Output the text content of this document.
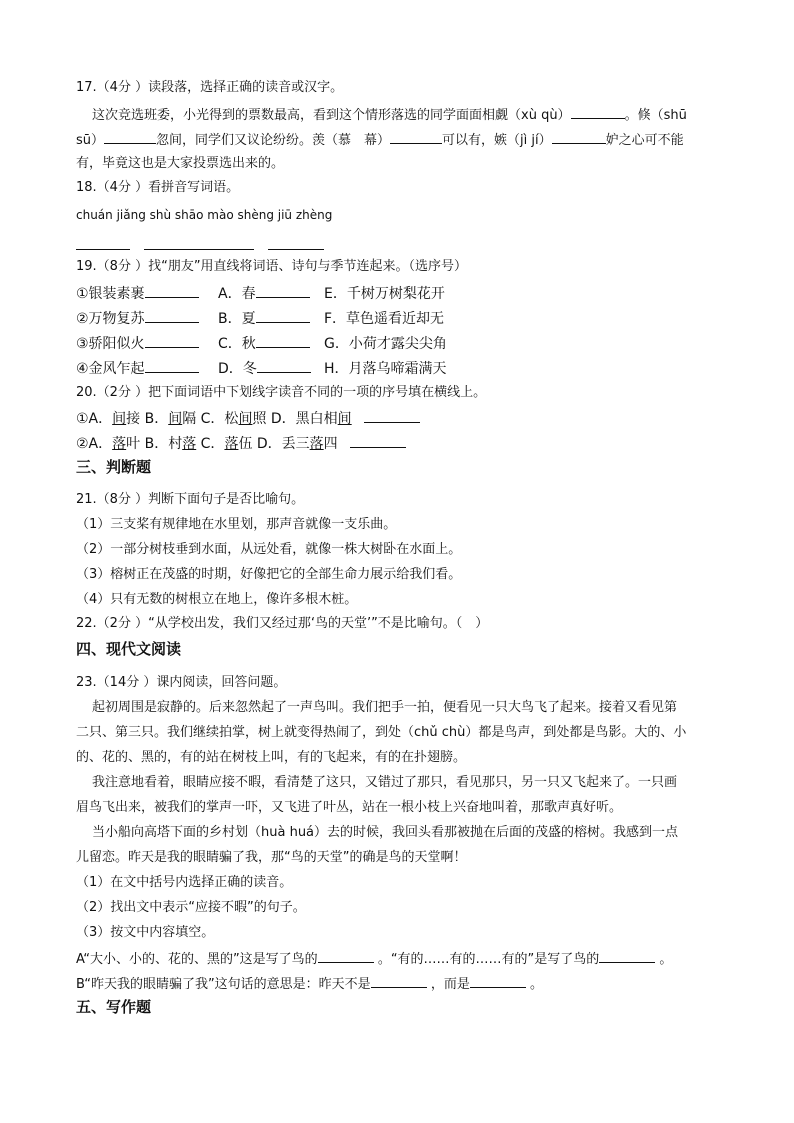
17.（4分 ）读段落，选择正确的读音或汉字。
这次竞选班委，小光得到的票数最高，看到这个情形落选的同学面面相觑（xù qù）	。倏（shū
sū）	忽间，同学们又议论纷纷。羡（慕　幕）	可以有，嫉（jì jí）	妒之心可不能
有，毕竟这也是大家投票选出来的。
18.（4分 ）看拼音写词语。
chuán jiǎng shù shāo mào shèng jiū zhèng
19.（8分 ）找“朋友”用直线将词语、诗句与季节连起来。（选序号）
①银装素裹	A．春	E．千树万树梨花开
②万物复苏	B．夏	F．草色遥看近却无
③骄阳似火	C．秋	G．小荷才露尖尖角
④金风乍起	D．冬	H．月落乌啼霜满天
20.（2分 ）把下面词语中下划线字读音不同的一项的序号填在横线上。
①A．间接 B．间隔 C．松间照 D．黑白相间
②A．落叶 B．村落 C．落伍 D．丢三落四
三、判断题
21.（8分 ）判断下面句子是否比喻句。
（1）三支桨有规律地在水里划，那声音就像一支乐曲。
（2）一部分树枝垂到水面，从远处看，就像一株大树卧在水面上。
（3）榕树正在茂盛的时期，好像把它的全部生命力展示给我们看。
（4）只有无数的树根立在地上，像许多根木桩。
22.（2分 ）“从学校出发，我们又经过那‘鸟的天堂’”不是比喻句。（　）
四、现代文阅读
23.（14分 ）课内阅读，回答问题。
起初周围是寂静的。后来忽然起了一声鸟叫。我们把手一拍，便看见一只大鸟飞了起来。接着又看见第
二只、第三只。我们继续拍掌，树上就变得热闹了，到处（chǔ chù）都是鸟声，到处都是鸟影。大的、小
的、花的、黑的，有的站在树枝上叫，有的飞起来，有的在扑翅膀。
我注意地看着，眼睛应接不暇，看清楚了这只，又错过了那只，看见那只，另一只又飞起来了。一只画
眉鸟飞出来，被我们的掌声一吓，又飞进了叶丛，站在一根小枝上兴奋地叫着，那歌声真好听。
当小船向高塔下面的乡村划（huà huá）去的时候，我回头看那被抛在后面的茂盛的榕树。我感到一点
儿留恋。昨天是我的眼睛骗了我，那“鸟的天堂”的确是鸟的天堂啊！
（1）在文中括号内选择正确的读音。
（2）找出文中表示“应接不暇”的句子。
（3）按文中内容填空。
A“大小、小的、花的、黑的”这是写了鸟的	。“有的……有的……有的”是写了鸟的	。
B“昨天我的眼睛骗了我”这句话的意思是：昨天不是	，而是	。
五、写作题
